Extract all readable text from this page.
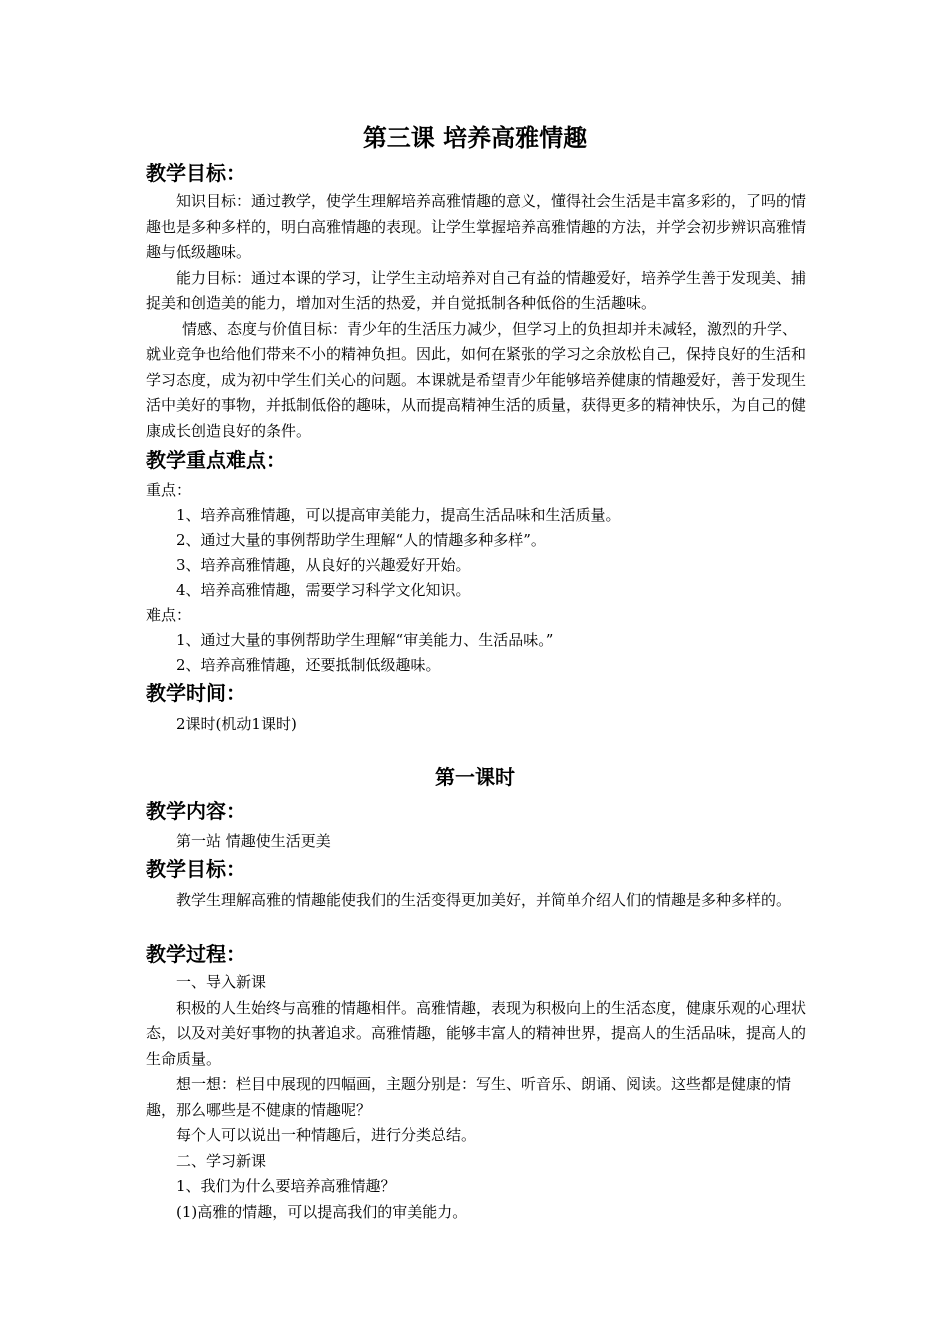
第三课 培养高雅情趣
教学目标：

知识目标：通过教学，使学生理解培养高雅情趣的意义，懂得社会生活是丰富多彩的，了吗的情趣也是多种多样的，明白高雅情趣的表现。让学生掌握培养高雅情趣的方法，并学会初步辨识高雅情趣与低级趣味。

能力目标：通过本课的学习，让学生主动培养对自己有益的情趣爱好，培养学生善于发现美、捕捉美和创造美的能力，增加对生活的热爱，并自觉抵制各种低俗的生活趣味。

情感、态度与价值目标：青少年的生活压力减少，但学习上的负担却并未减轻，激烈的升学、就业竞争也给他们带来不小的精神负担。因此，如何在紧张的学习之余放松自己，保持良好的生活和学习态度，成为初中学生们关心的问题。本课就是希望青少年能够培养健康的情趣爱好，善于发现生活中美好的事物，并抵制低俗的趣味，从而提高精神生活的质量，获得更多的精神快乐，为自己的健康成长创造良好的条件。

教学重点难点：
重点：
1、培养高雅情趣，可以提高审美能力，提高生活品味和生活质量。
2、通过大量的事例帮助学生理解“人的情趣多种多样”。
3、培养高雅情趣，从良好的兴趣爱好开始。
4、培养高雅情趣，需要学习科学文化知识。
难点：
1、通过大量的事例帮助学生理解“审美能力、生活品味。”
2、培养高雅情趣，还要抵制低级趣味。
教学时间：
2课时(机动1课时)
第一课时
教学内容：
第一站 情趣使生活更美
教学目标：

教学生理解高雅的情趣能使我们的生活变得更加美好，并简单介绍人们的情趣是多种多样的。

教学过程：

一、导入新课

积极的人生始终与高雅的情趣相伴。高雅情趣，表现为积极向上的生活态度，健康乐观的心理状态，以及对美好事物的执著追求。高雅情趣，能够丰富人的精神世界，提高人的生活品味，提高人的生命质量。

想一想：栏目中展现的四幅画，主题分别是：写生、听音乐、朗诵、阅读。这些都是健康的情趣，那么哪些是不健康的情趣呢？

每个人可以说出一种情趣后，进行分类总结。

二、学习新课

1、我们为什么要培养高雅情趣？

(1)高雅的情趣，可以提高我们的审美能力。
